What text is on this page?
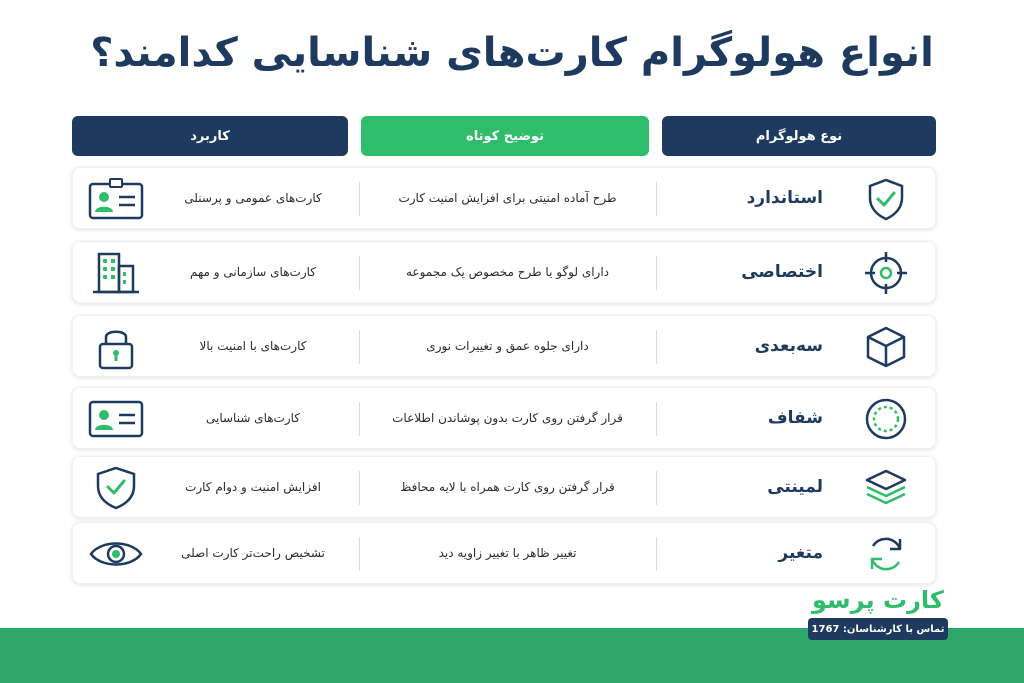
انواع هولوگرام کارت‌های شناسایی کدامند؟
نوع هولوگرام
توضیح کوتاه
کاربرد
استاندارد
طرح آماده امنیتی برای افزایش امنیت کارت
کارت‌های عمومی و پرسنلی
اختصاصی
دارای لوگو یا طرح مخصوص یک مجموعه
کارت‌های سازمانی و مهم
سه‌بعدی
دارای جلوه عمق و تغییرات نوری
کارت‌های با امنیت بالا
شفاف
قرار گرفتن روی کارت بدون پوشاندن اطلاعات
کارت‌های شناسایی
لمینتی
قرار گرفتن روی کارت همراه با لایه محافظ
افزایش امنیت و دوام کارت
متغیر
تغییر ظاهر با تغییر زاویه دید
تشخیص راحت‌تر کارت اصلی
کارت پرسو
تماس با کارشناسان: 1767
